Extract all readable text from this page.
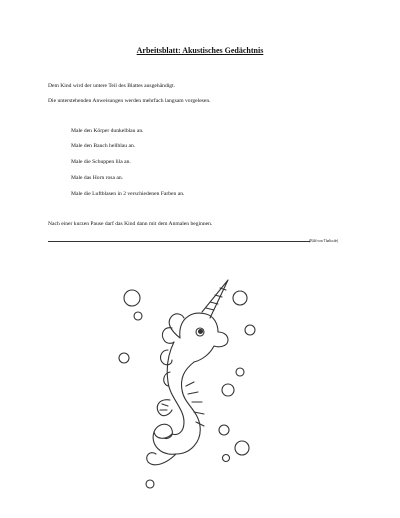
Arbeitsblatt: Akustisches Gedächtnis
Dem Kind wird der untere Teil des Blattes ausgehändigt.
Die unterstehenden Anweisungen werden mehrfach langsam vorgelesen.
Male den Körper dunkelblau an.
Male den Bauch hellblau an.
Male die Schuppen lila an.
Male das Horn rosa an.
Male die Luftblasen in 2 verschiedenen Farben an.
Nach einer kurzen Pause darf das Kind dann mit dem Anmalen beginnen.
(Bild von Thalia.de)
